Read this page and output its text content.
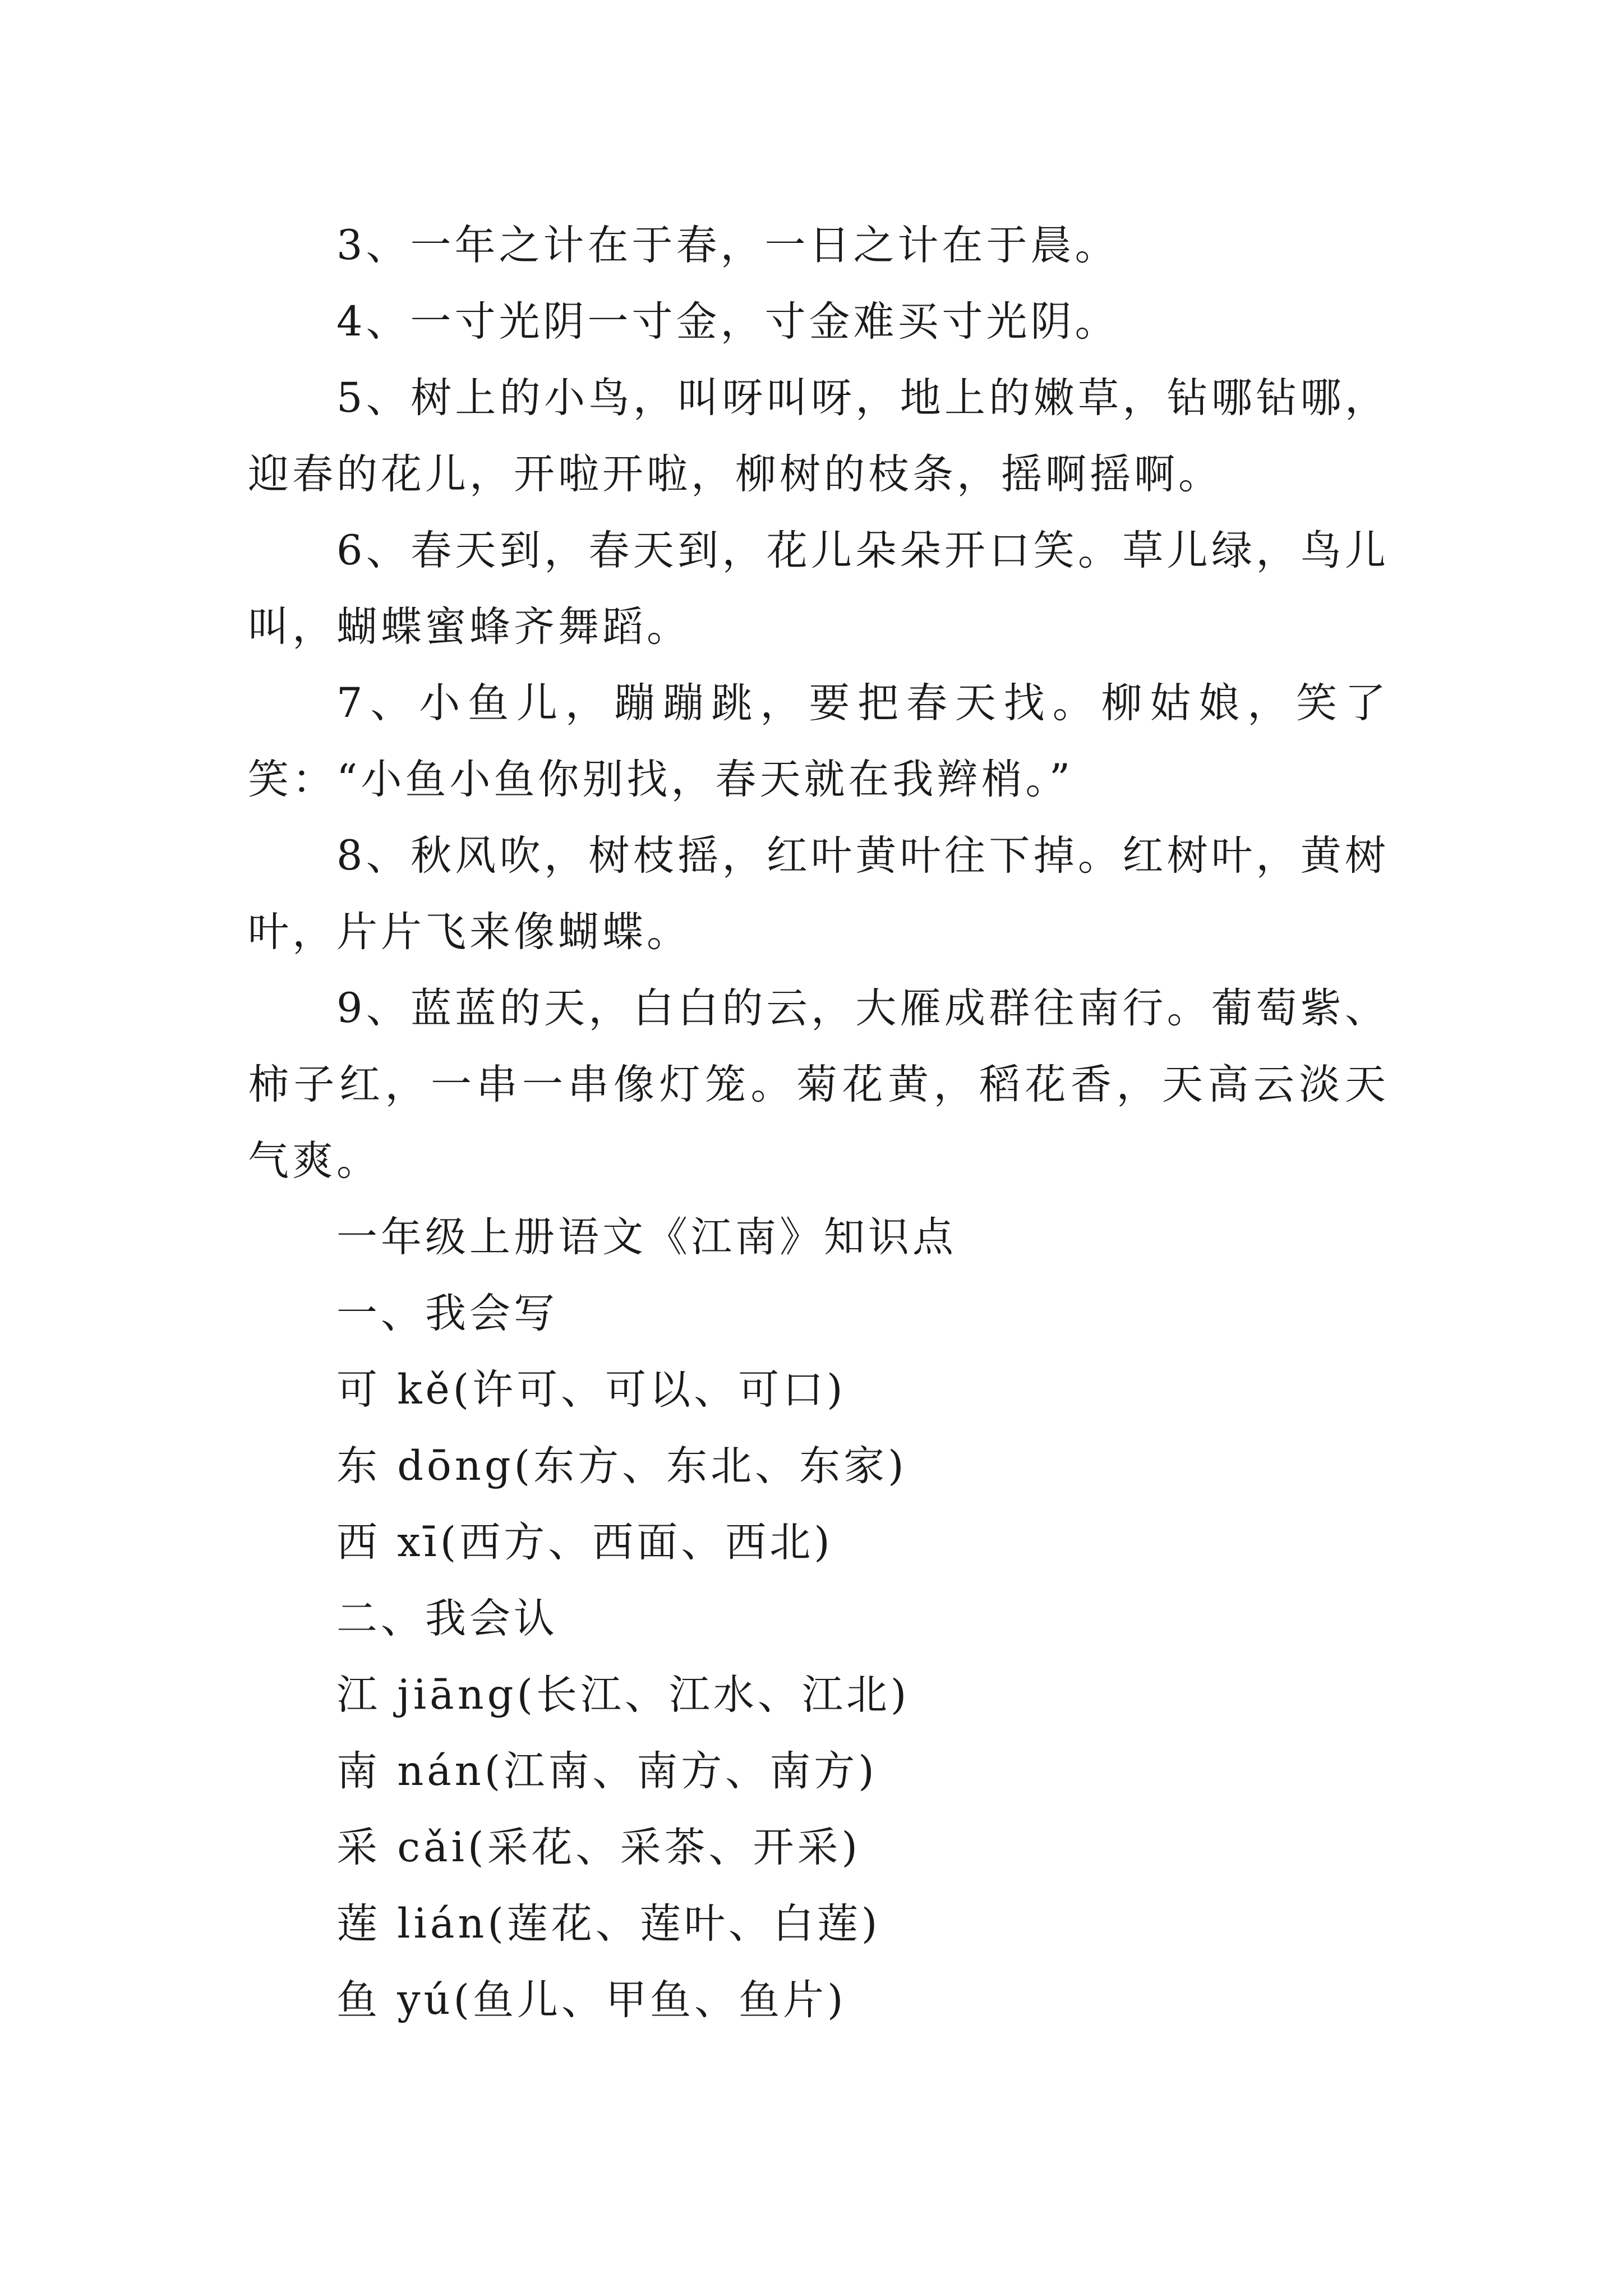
3、一年之计在于春，一日之计在于晨。

4、一寸光阴一寸金，寸金难买寸光阴。

5、树上的小鸟，叫呀叫呀，地上的嫩草，钻哪钻哪，迎春的花儿，开啦开啦，柳树的枝条，摇啊摇啊。

6、春天到，春天到，花儿朵朵开口笑。草儿绿，鸟儿叫，蝴蝶蜜蜂齐舞蹈。

7、小鱼儿，蹦蹦跳，要把春天找。柳姑娘，笑了笑：“小鱼小鱼你别找，春天就在我辫梢。”

8、秋风吹，树枝摇，红叶黄叶往下掉。红树叶，黄树叶，片片飞来像蝴蝶。

9、蓝蓝的天，白白的云，大雁成群往南行。葡萄紫、柿子红，一串一串像灯笼。菊花黄，稻花香，天高云淡天气爽。

一年级上册语文《江南》知识点

一、我会写

可 kě(许可、可以、可口)

东 dōng(东方、东北、东家)

西 xī(西方、西面、西北)

二、我会认

江 jiāng(长江、江水、江北)

南 nán(江南、南方、南方)

采 cǎi(采花、采茶、开采)

莲 lián(莲花、莲叶、白莲)

鱼 yú(鱼儿、甲鱼、鱼片)
